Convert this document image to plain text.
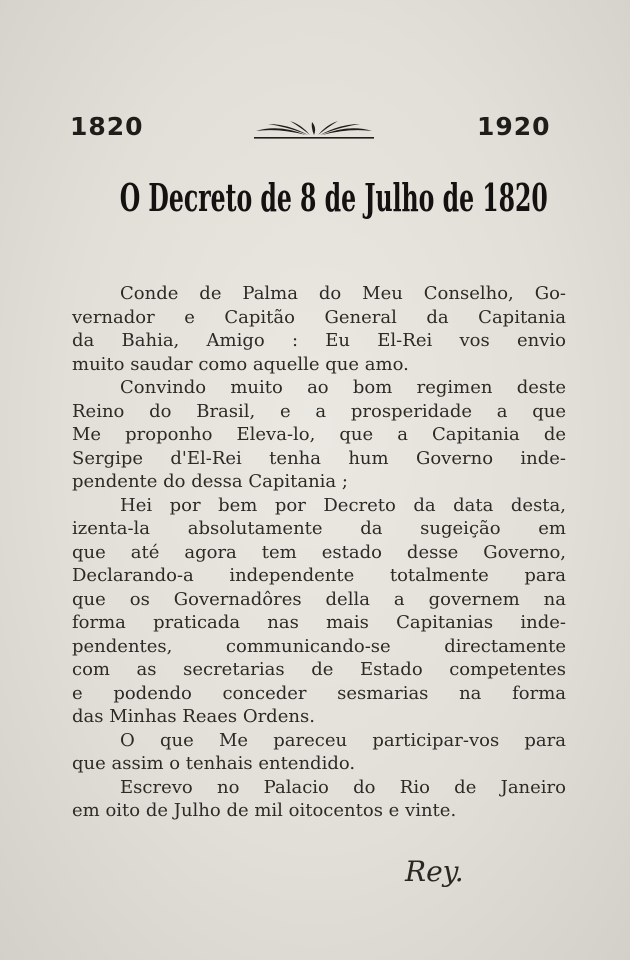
1820	1920
O Decreto de 8 de Julho de 1820
Conde de Palma do Meu Conselho, Go-
vernador e Capitão General da Capitania
da Bahia, Amigo : Eu El-Rei vos envio
muito saudar como aquelle que amo.
Convindo muito ao bom regimen deste
Reino do Brasil, e a prosperidade a que
Me proponho Eleva-lo, que a Capitania de
Sergipe d'El-Rei tenha hum Governo inde-
pendente do dessa Capitania ;
Hei por bem por Decreto da data desta,
izenta-la absolutamente da sugeição em
que até agora tem estado desse Governo,
Declarando-a independente totalmente para
que os Governadôres della a governem na
forma praticada nas mais Capitanias inde-
pendentes, communicando-se directamente
com as secretarias de Estado competentes
e podendo conceder sesmarias na forma
das Minhas Reaes Ordens.
O que Me pareceu participar-vos para
que assim o tenhais entendido.
Escrevo no Palacio do Rio de Janeiro
em oito de Julho de mil oitocentos e vinte.
Rey.
